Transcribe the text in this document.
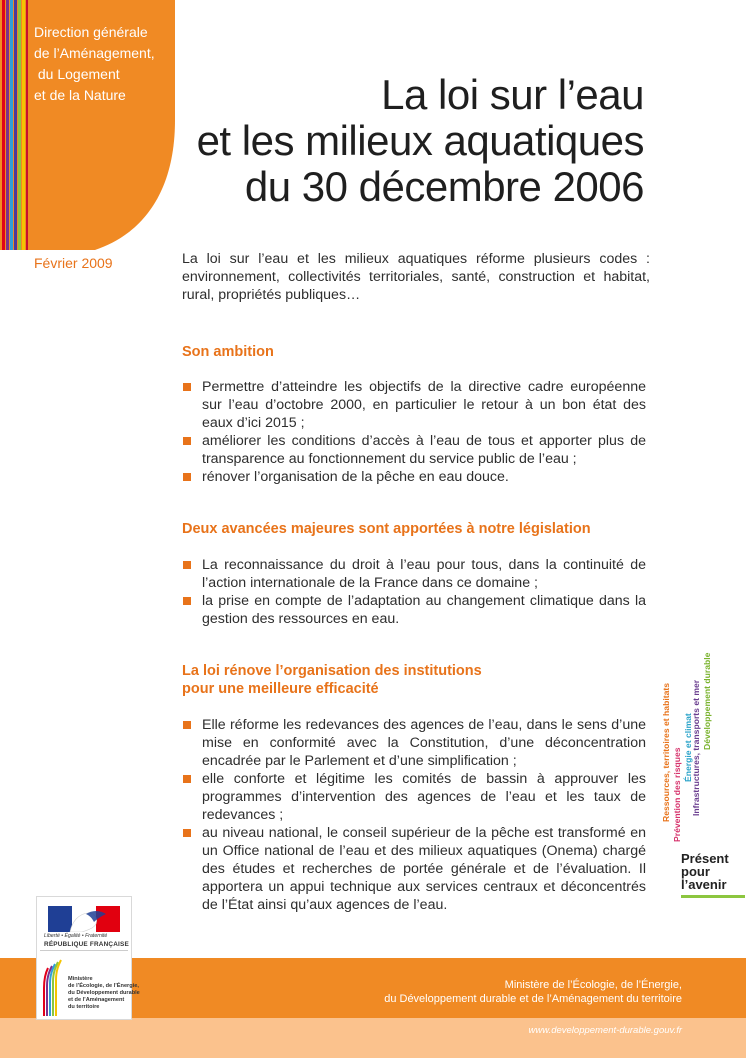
Direction générale
de l’Aménagement,
du Logement
et de la Nature
Février 2009
La loi sur l’eau
et les milieux aquatiques
du 30 décembre 2006
La loi sur l’eau et les milieux aquatiques réforme plusieurs codes : environnement, collectivités territoriales, santé, construction et habitat, rural, propriétés publiques…
Son ambition
Permettre d’atteindre les objectifs de la directive cadre européenne sur l’eau d’octobre 2000, en particulier le retour à un bon état des eaux d’ici 2015 ;
améliorer les conditions d’accès à l’eau de tous et apporter plus de transparence au fonctionnement du service public de l’eau ;
rénover l’organisation de la pêche en eau douce.
Deux avancées majeures sont apportées à notre législation
La reconnaissance du droit à l’eau pour tous, dans la continuité de l’action internationale de la France dans ce domaine ;
la prise en compte de l’adaptation au changement climatique dans la gestion des ressources en eau.
La loi rénove l’organisation des institutions
pour une meilleure efficacité
Elle réforme les redevances des agences de l’eau, dans le sens d’une mise en conformité avec la Constitution, d’une déconcentration encadrée par le Parlement et d’une simplification ;
elle conforte et légitime les comités de bassin à approuver les programmes d’intervention des agences de l’eau et les taux de redevances ;
au niveau national, le conseil supérieur de la pêche est transformé en un Office national de l’eau et des milieux aquatiques (Onema) chargé des études et recherches de portée générale et de l’évaluation. Il apportera un appui technique aux services centraux et déconcentrés de l’État ainsi qu’aux agences de l’eau.
Ressources, territoires et habitats Prévention des risques Énergie et climat
Infrastructures, transports et mer Développement durable
Présent
pour
l’avenir
Ministère de l’Écologie, de l’Énergie,
du Développement durable et de l’Aménagement du territoire
www.developpement-durable.gouv.fr
Liberté • Égalité • Fraternité
RÉPUBLIQUE FRANÇAISE
Ministère
de l’Écologie, de l’Énergie,
du Développement durable
et de l’Aménagement
du territoire
